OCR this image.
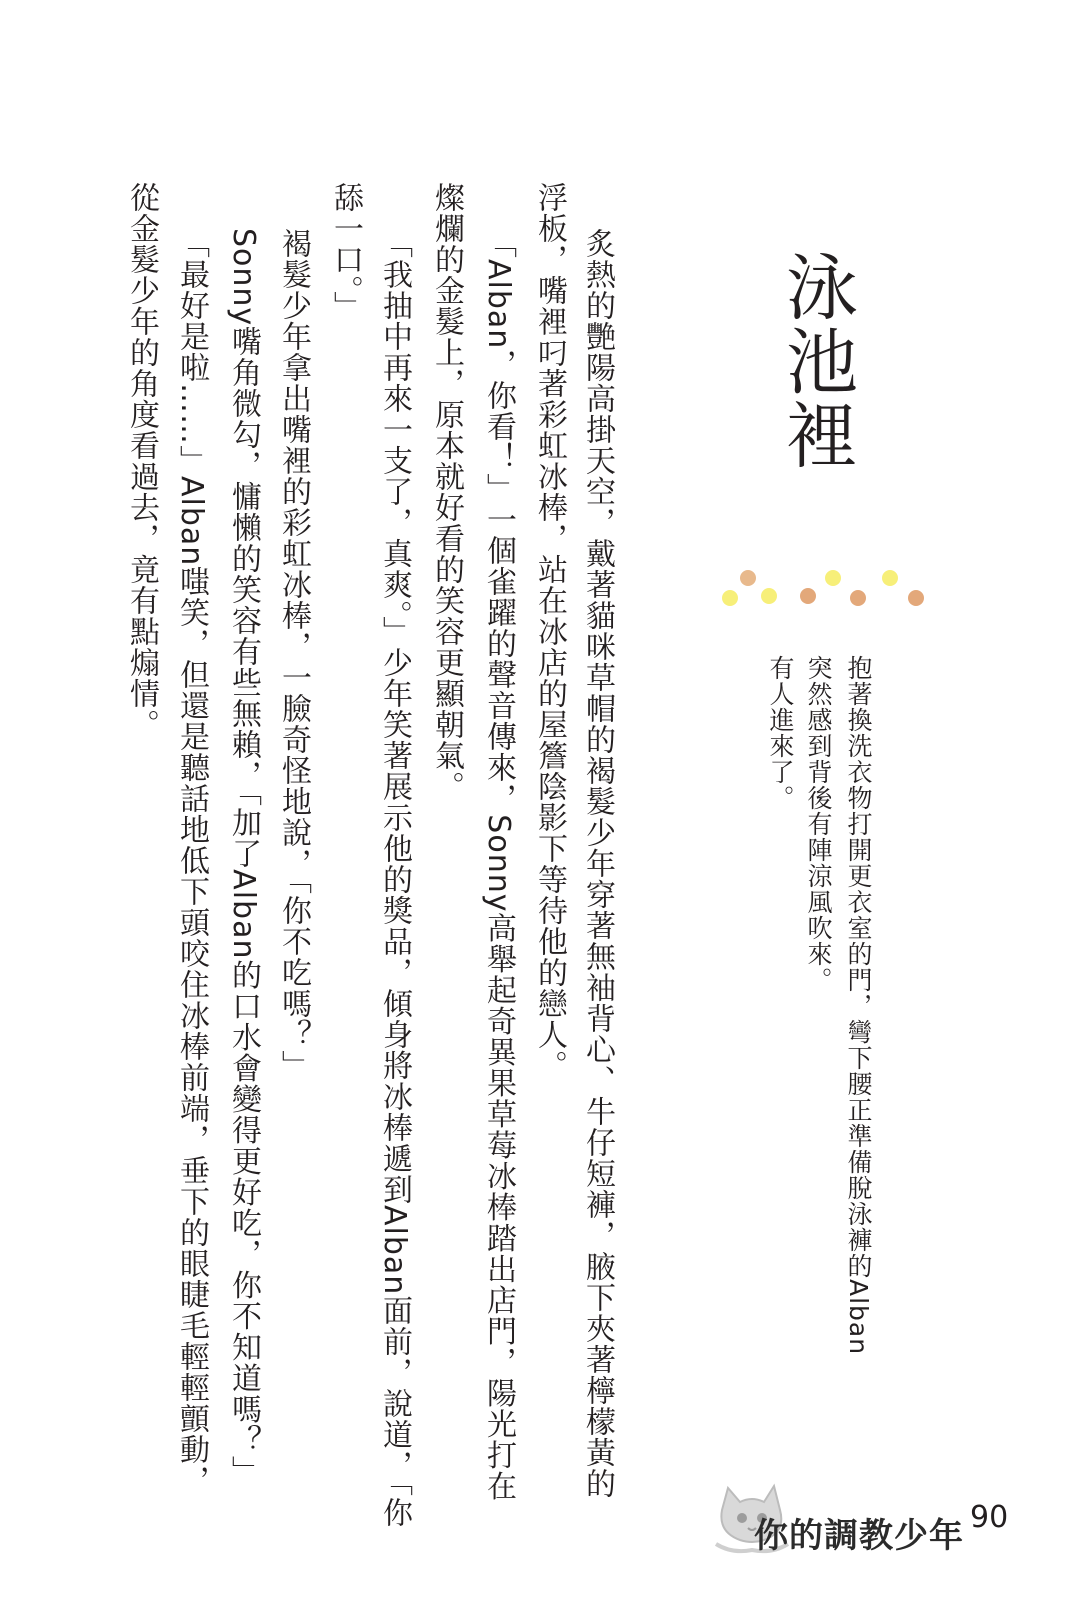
泳池裡
抱著換洗衣物打開更衣室的門，彎下腰正準備脫泳褲的Alban
突然感到背後有陣涼風吹來。
有人進來了。
炙熱的艷陽高掛天空，戴著貓咪草帽的褐髮少年穿著無袖背心、牛仔短褲，腋下夾著檸檬黃的
浮板，嘴裡叼著彩虹冰棒，站在冰店的屋簷陰影下等待他的戀人。
「Alban，你看！」一個雀躍的聲音傳來，Sonny高舉起奇異果草莓冰棒踏出店門，陽光打在
燦爛的金髮上，原本就好看的笑容更顯朝氣。
「我抽中再來一支了，真爽。」少年笑著展示他的獎品，傾身將冰棒遞到Alban面前，說道，「你
舔一口。」
褐髮少年拿出嘴裡的彩虹冰棒，一臉奇怪地說，「你不吃嗎？」
Sonny嘴角微勾，慵懶的笑容有些無賴，「加了Alban的口水會變得更好吃，你不知道嗎？」
「最好是啦……」Alban嗤笑，但還是聽話地低下頭咬住冰棒前端，垂下的眼睫毛輕輕顫動，
從金髮少年的角度看過去，竟有點煽情。
你的調教少年 90
